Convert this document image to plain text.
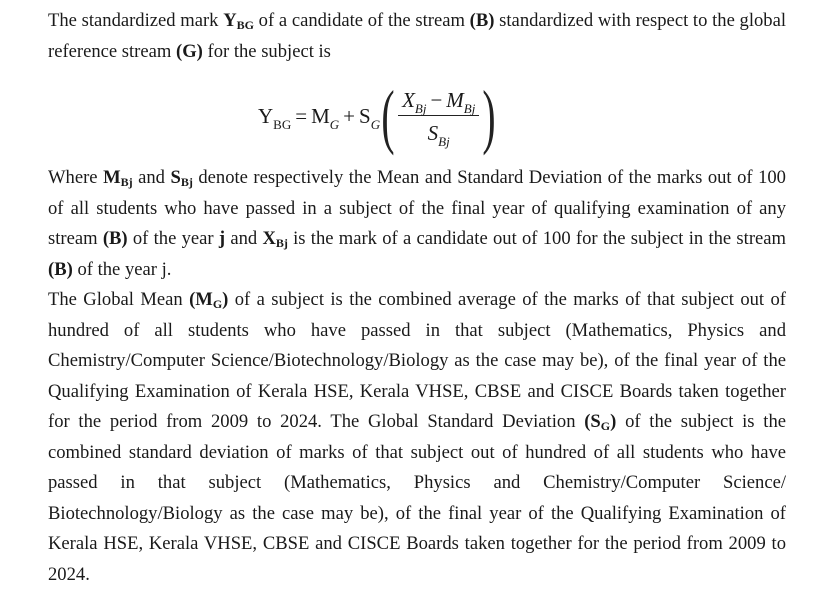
The standardized mark $Y_{BG}$ of a candidate of the stream (B) standardized with respect to the global reference stream (G) for the subject is

$Y_{BG} = M_G + S_G$ ( $\frac{X_{Bj} - M_{Bj}}{S_{Bj}}$ )

Where $M_{Bj}$ and $S_{Bj}$ denote respectively the Mean and Standard Deviation of the marks out of 100 of all students who have passed in a subject of the final year of qualifying examination of any stream (B) of the year j and $X_{Bj}$ is the mark of a candidate out of 100 for the subject in the stream (B) of the year j.

The Global Mean $(M_G)$ of a subject is the combined average of the marks of that subject out of hundred of all students who have passed in that subject (Mathematics, Physics and Chemistry/Computer Science/Biotechnology/Biology as the case may be), of the final year of the Qualifying Examination of Kerala HSE, Kerala VHSE, CBSE and CISCE Boards taken together for the period from 2009 to 2024. The Global Standard Deviation $(S_G)$ of the subject is the combined standard deviation of marks of that subject out of hundred of all students who have passed in that subject (Mathematics, Physics and Chemistry/Computer Science/ Biotechnology/Biology as the case may be), of the final year of the Qualifying Examination of Kerala HSE, Kerala VHSE, CBSE and CISCE Boards taken together for the period from 2009 to 2024.
